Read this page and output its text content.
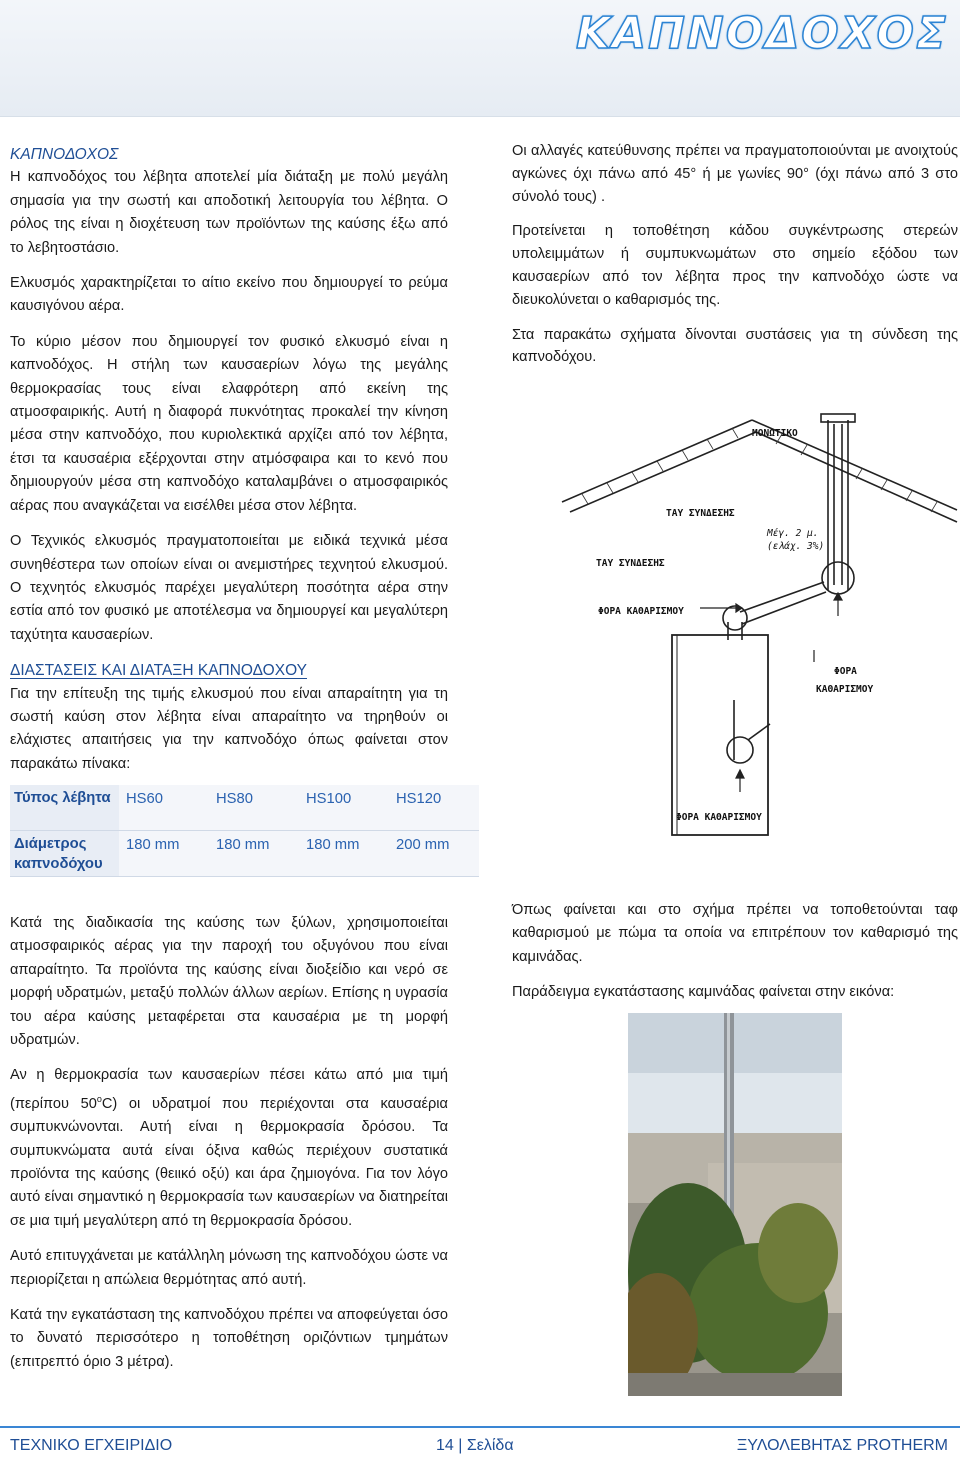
ΚΑΠΝΟΔΟΧΟΣ

ΚΑΠΝΟΔΟΧΟΣ

Η καπνοδόχος του λέβητα αποτελεί μία διάταξη με πολύ μεγάλη σημασία για την σωστή και αποδοτική λειτουργία του λέβητα. Ο ρόλος της είναι η διοχέτευση των προϊόντων της καύσης έξω από το λεβητοστάσιο.

Ελκυσμός χαρακτηρίζεται το αίτιο εκείνο που δημιουργεί το ρεύμα καυσιγόνου αέρα.

Το κύριο μέσον που δημιουργεί τον φυσικό ελκυσμό είναι η καπνοδόχος. Η στήλη των καυσαερίων λόγω της μεγάλης θερμοκρασίας τους είναι ελαφρότερη από εκείνη της ατμοσφαιρικής. Αυτή η διαφορά πυκνότητας προκαλεί την κίνηση μέσα στην καπνοδόχο, που κυριολεκτικά αρχίζει από τον λέβητα, έτσι τα καυσαέρια εξέρχονται στην ατμόσφαιρα και το κενό που δημιουργούν μέσα στη καπνοδόχο καταλαμβάνει ο ατμοσφαιρικός αέρας που αναγκάζεται να εισέλθει μέσα στον λέβητα.

Ο Τεχνικός ελκυσμός πραγματοποιείται με ειδικά τεχνικά μέσα συνηθέστερα των οποίων είναι οι ανεμιστήρες τεχνητού ελκυσμού. Ο τεχνητός ελκυσμός παρέχει μεγαλύτερη ποσότητα αέρα στην εστία από τον φυσικό με αποτέλεσμα να δημιουργεί και μεγαλύτερη ταχύτητα καυσαερίων.

ΔΙΑΣΤΑΣΕΙΣ ΚΑΙ ΔΙΑΤΑΞΗ ΚΑΠΝΟΔΟΧΟΥ

Για την επίτευξη της τιμής ελκυσμού που είναι απαραίτητη για τη σωστή καύση στον λέβητα είναι απαραίτητο να τηρηθούν οι ελάχιστες απαιτήσεις για την καπνοδόχο όπως φαίνεται στον παρακάτω πίνακα:

Τύπος λέβητα	HS60	HS80	HS100	HS120
Διάμετρος καπνοδόχου	180 mm	180 mm	180 mm	200 mm

Κατά της διαδικασία της καύσης των ξύλων, χρησιμοποιείται ατμοσφαιρικός αέρας για την παροχή του οξυγόνου που είναι απαραίτητο. Τα προϊόντα της καύσης είναι διοξείδιο και νερό σε μορφή υδρατμών, μεταξύ πολλών άλλων αερίων. Επίσης η υγρασία του αέρα καύσης μεταφέρεται στα καυσαέρια με τη μορφή υδρατμών.

Αν η θερμοκρασία των καυσαερίων πέσει κάτω από μια τιμή (περίπου $50^oC$) οι υδρατμοί που περιέχονται στα καυσαέρια συμπυκνώνονται. Αυτή είναι η θερμοκρασία δρόσου. Τα συμπυκνώματα αυτά είναι όξινα καθώς περιέχουν συστατικά προϊόντα της καύσης (θειικό οξύ) και άρα ζημιογόνα. Για τον λόγο αυτό είναι σημαντικό η θερμοκρασία των καυσαερίων να διατηρείται σε μια τιμή μεγαλύτερη από τη θερμοκρασία δρόσου.

Αυτό επιτυγχάνεται με κατάλληλη μόνωση της καπνοδόχου ώστε να περιορίζεται η απώλεια θερμότητας από αυτή.

Κατά την εγκατάσταση της καπνοδόχου πρέπει να αποφεύγεται όσο το δυνατό περισσότερο η τοποθέτηση οριζόντιων τμημάτων (επιτρεπτό όριο 3 μέτρα).

Οι αλλαγές κατεύθυνσης πρέπει να πραγματοποιούνται με ανοιχτούς αγκώνες όχι πάνω από 45° ή με γωνίες 90° (όχι πάνω από 3 στο σύνολό τους) .

Προτείνεται η τοποθέτηση κάδου συγκέντρωσης στερεών υπολειμμάτων ή συμπυκνωμάτων στο σημείο εξόδου των καυσαερίων από τον λέβητα προς την καπνοδόχο ώστε να διευκολύνεται ο καθαρισμός της.

Στα παρακάτω σχήματα δίνονται συστάσεις για τη σύνδεση της καπνοδόχου.

ΜΟΝΩΤΙΚΟ
ΤΑΥ ΣΥΝΔΕΣΗΣ
ΤΑΥ ΣΥΝΔΕΣΗΣ
ΦΟΡΑ ΚΑΘΑΡΙΣΜΟΥ
ΦΟΡΑ
ΚΑΘΑΡΙΣΜΟΥ
Μέγ. 2 μ.
(ελάχ. 3%)
ΦΟΡΑ ΚΑΘΑΡΙΣΜΟΥ

Όπως φαίνεται και στο σχήμα πρέπει να τοποθετούνται ταφ καθαρισμού με πώμα τα οποία να επιτρέπουν τον καθαρισμό της καμινάδας.

Παράδειγμα εγκατάστασης καμινάδας φαίνεται στην εικόνα:

ΤΕΧΝΙΚΟ ΕΓΧΕΙΡΙΔΙΟ	14 | Σελίδα	ΞΥΛΟΛΕΒΗΤΑΣ PROTHERM
